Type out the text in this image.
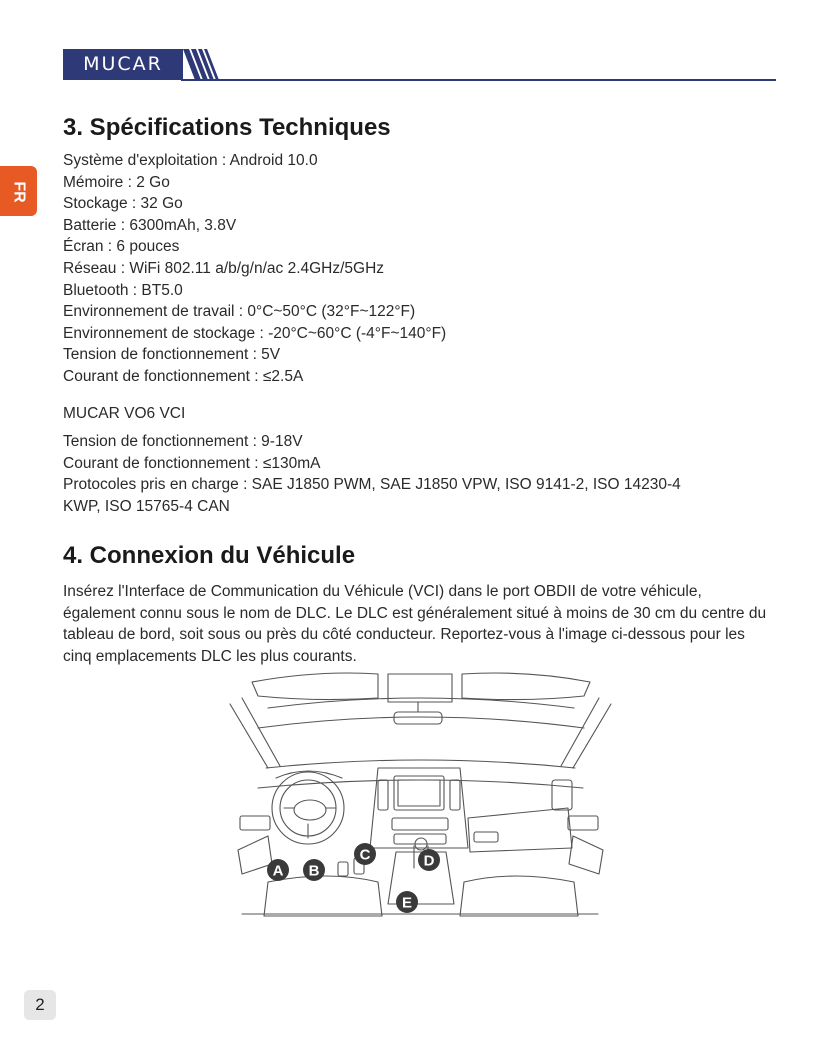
MUCAR
FR
3. Spécifications Techniques
Système d'exploitation : Android 10.0
Mémoire : 2 Go
Stockage : 32 Go
Batterie : 6300mAh, 3.8V
Écran : 6 pouces
Réseau : WiFi 802.11 a/b/g/n/ac 2.4GHz/5GHz
Bluetooth : BT5.0
Environnement de travail : 0°C~50°C (32°F~122°F)
Environnement de stockage : -20°C~60°C (-4°F~140°F)
Tension de fonctionnement : 5V
Courant de fonctionnement : ≤2.5A
MUCAR VO6 VCI
Tension de fonctionnement : 9-18V
Courant de fonctionnement : ≤130mA
Protocoles pris en charge : SAE J1850 PWM, SAE J1850 VPW, ISO 9141-2, ISO 14230-4
KWP, ISO 15765-4 CAN
4. Connexion du Véhicule

Insérez l'Interface de Communication du Véhicule (VCI) dans le port OBDII de votre véhicule, également connu sous le nom de DLC. Le DLC est généralement situé à moins de 30 cm du centre du tableau de bord, soit sous ou près du côté conducteur. Reportez-vous à l'image ci-dessous pour les cinq emplacements DLC les plus courants.

A B
C	D
E
2
